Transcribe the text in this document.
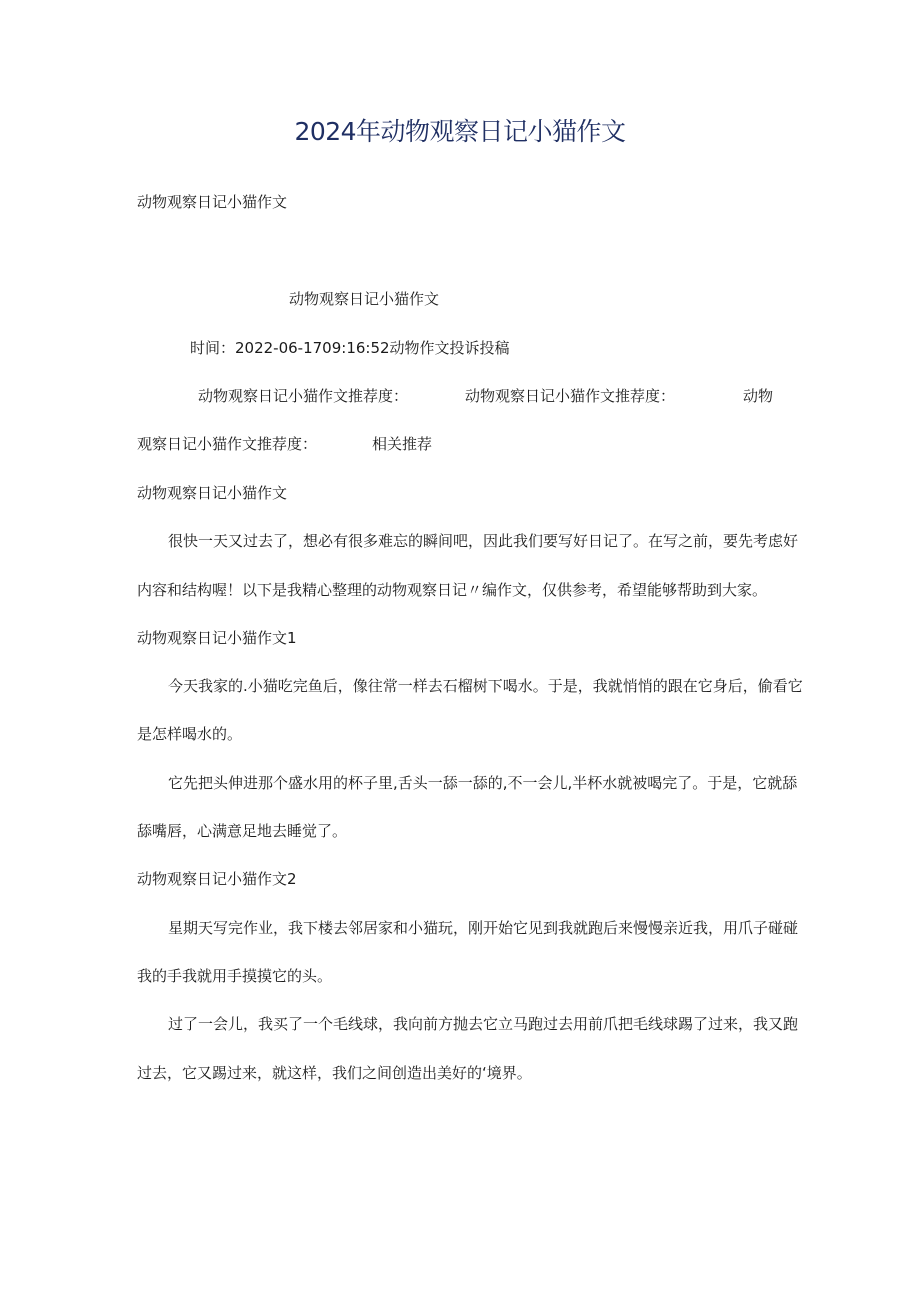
2024年动物观察日记小猫作文
动物观察日记小猫作文
动物观察日记小猫作文
时间：2022-06-1709:16:52动物作文投诉投稿
动物观察日记小猫作文推荐度：	动物观察日记小猫作文推荐度：	动物
观察日记小猫作文推荐度：	相关推荐
动物观察日记小猫作文
很快一天又过去了，想必有很多难忘的瞬间吧，因此我们要写好日记了。在写之前，要先考虑好
内容和结构喔！以下是我精心整理的动物观察日记〃编作文，仅供参考，希望能够帮助到大家。
动物观察日记小猫作文1
今天我家的.小猫吃完鱼后，像往常一样去石榴树下喝水。于是，我就悄悄的跟在它身后，偷看它
是怎样喝水的。
它先把头伸进那个盛水用的杯子里,舌头一舔一舔的,不一会儿,半杯水就被喝完了。于是，它就舔
舔嘴唇，心满意足地去睡觉了。
动物观察日记小猫作文2
星期天写完作业，我下楼去邻居家和小猫玩，刚开始它见到我就跑后来慢慢亲近我，用爪子碰碰
我的手我就用手摸摸它的头。
过了一会儿，我买了一个毛线球，我向前方抛去它立马跑过去用前爪把毛线球踢了过来，我又跑
过去，它又踢过来，就这样，我们之间创造出美好的‘境界。
